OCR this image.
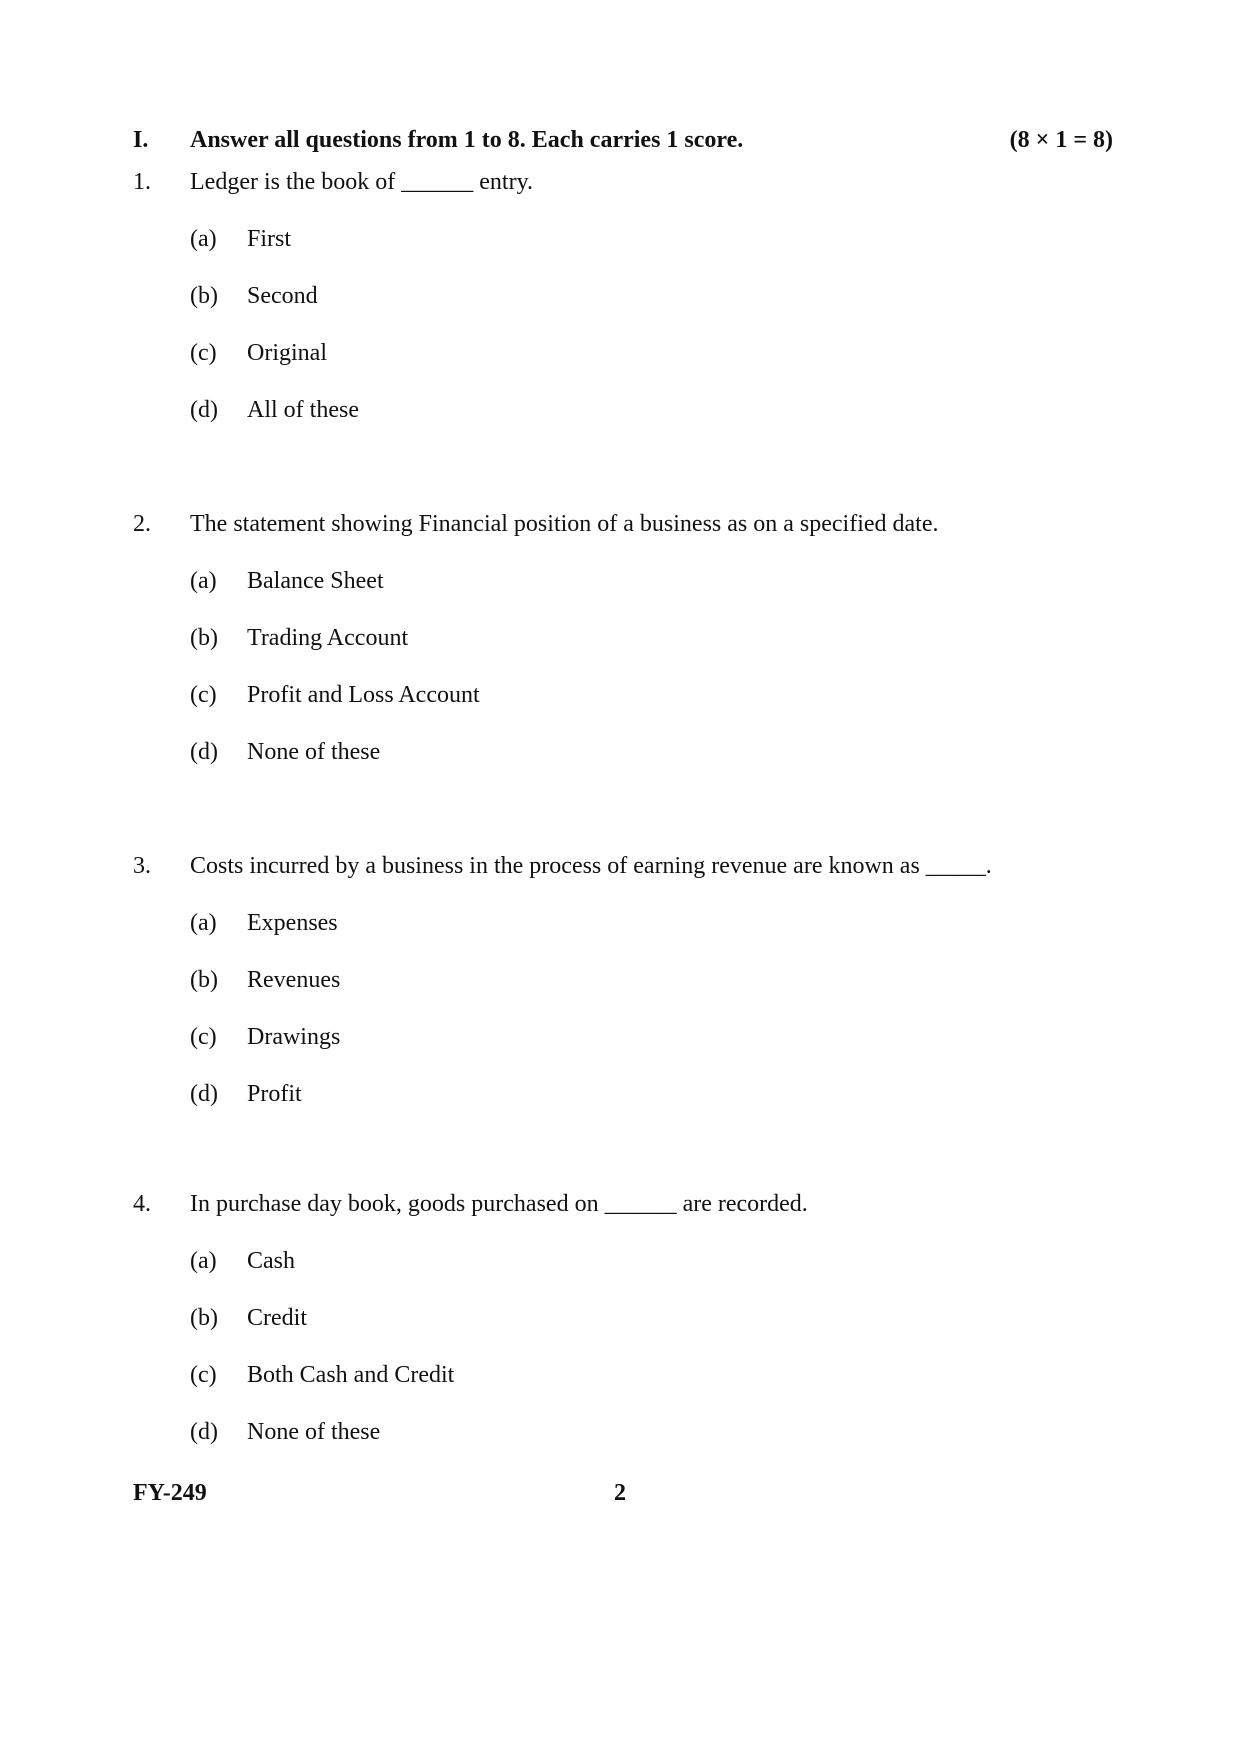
I. Answer all questions from 1 to 8. Each carries 1 score.	(8 × 1 = 8)
1. Ledger is the book of ______ entry.
(a) First
(b) Second
(c) Original
(d) All of these
2. The statement showing Financial position of a business as on a specified date.
(a) Balance Sheet
(b) Trading Account
(c) Profit and Loss Account
(d) None of these
3. Costs incurred by a business in the process of earning revenue are known as _____.
(a) Expenses
(b) Revenues
(c) Drawings
(d) Profit
4. In purchase day book, goods purchased on ______ are recorded.
(a) Cash
(b) Credit
(c) Both Cash and Credit
(d) None of these
FY-249	2
